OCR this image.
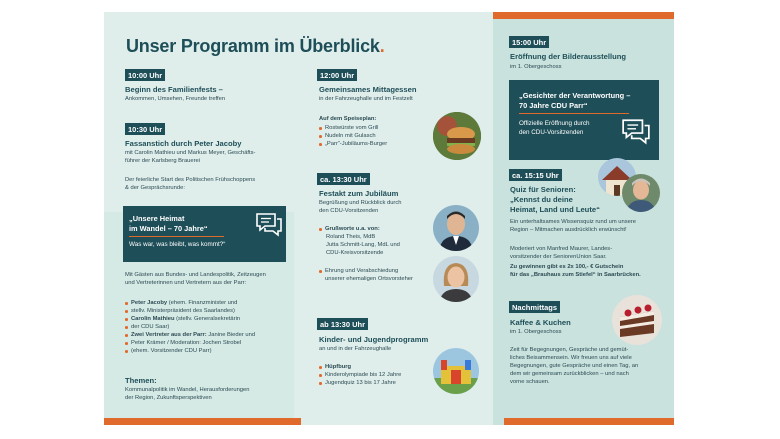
Unser Programm im Überblick.
10:00 Uhr
Beginn des Familienfests –
Ankommen, Umsehen, Freunde treffen
10:30 Uhr
Fassanstich durch Peter Jacoby
mit Carolin Mathieu und Markus Meyer, Geschäfts-
führer der Karlsberg Brauerei
Der feierliche Start des Politischen Frühschoppens
& der Gesprächsrunde:
„Unsere Heimat
im Wandel – 70 Jahre“
Was war, was bleibt, was kommt?“
Mit Gästen aus Bundes- und Landespolitik, Zeitzeugen
und Vertreterinnen und Vertretern aus der Parr:
Peter Jacoby (ehem. Finanzminister und
stellv. Ministerpräsident des Saarlandes)
Carolin Mathieu (stellv. Generalsekretärin
der CDU Saar)
Zwei Vertreter aus der Parr: Janine Bieder und
Peter Krämer / Moderation: Jochen Strobel
(ehem. Vorsitzender CDU Parr)
Themen:
Kommunalpolitik im Wandel, Herausforderungen
der Region, Zukunftsperspektiven
12:00 Uhr
Gemeinsames Mittagessen
in der Fahrzeughalle und im Festzelt
Auf dem Speiseplan:
Rostwürste vom Grill
Nudeln mit Gulasch
„Parr“-Jubiläums-Burger
ca. 13:30 Uhr
Festakt zum Jubiläum
Begrüßung und Rückblick durch
den CDU-Vorsitzenden
Grußworte u.a. von:
Roland Theis, MdB
Jutta Schmitt-Lang, MdL und
CDU-Kreisvorsitzende
Ehrung und Verabschiedung
unserer ehemaligen Ortsvorsteher
ab 13:30 Uhr
Kinder- und Jugendprogramm
an und in der Fahrzeughalle
Hüpfburg
Kinderolympiade bis 12 Jahre
Jugendquiz 13 bis 17 Jahre
15:00 Uhr
Eröffnung der Bilderausstellung
im 1. Obergeschoss
„Gesichter der Verantwortung –
70 Jahre CDU Parr“
Offizielle Eröffnung durch
den CDU-Vorsitzenden
ca. 15:15 Uhr
Quiz für Senioren:
„Kennst du deine
Heimat, Land und Leute“
Ein unterhaltsames Wissensquiz rund um unsere
Region – Mitmachen ausdrücklich erwünscht!
Moderiert von Manfred Maurer, Landes-
vorsitzender der SeniorenUnion Saar.
Zu gewinnen gibt es 2x 100,- € Gutschein
für das „Brauhaus zum Stiefel“ in Saarbrücken.
Nachmittags
Kaffee & Kuchen
im 1. Obergeschoss
Zeit für Begegnungen, Gespräche und gemüt-
liches Beisammensein. Wir freuen uns auf viele
Begegnungen, gute Gespräche und einen Tag, an
dem wir gemeinsam zurückblicken – und nach
vorne schauen.
